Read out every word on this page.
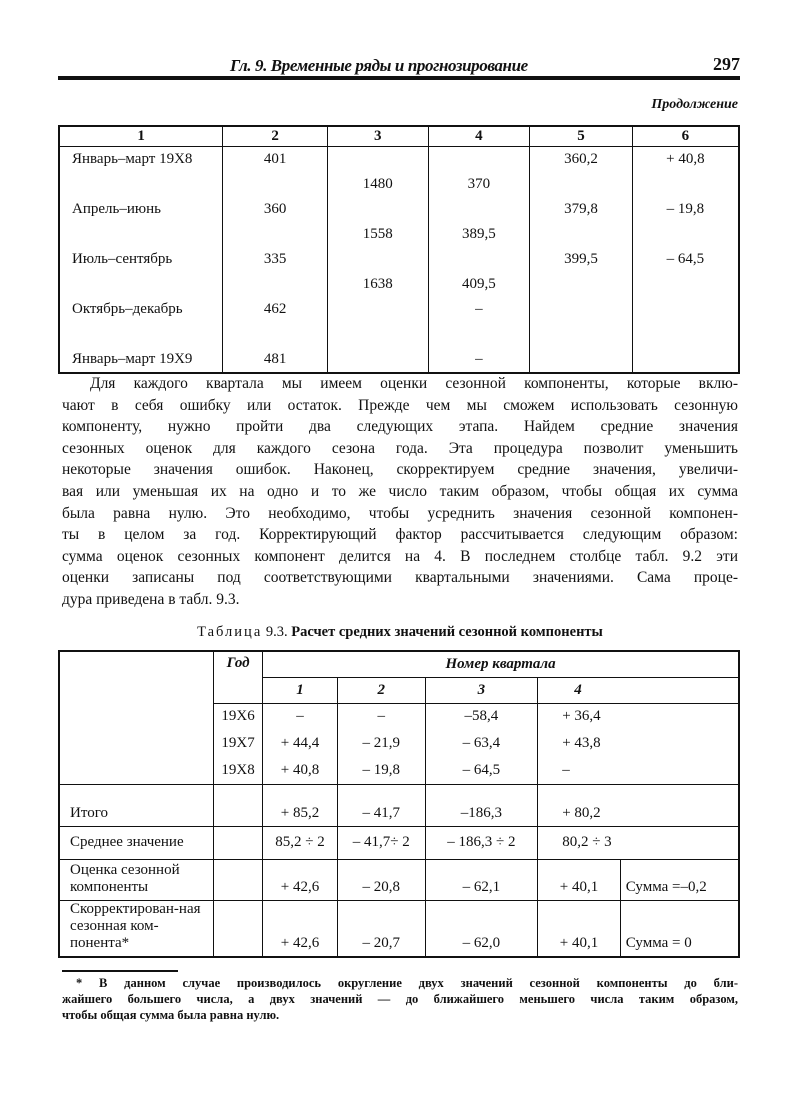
Гл. 9. Временные ряды и прогнозирование	297
Продолжение
1	2	3	4	5	6
Январь–март 19X8	401			360,2	+ 40,8
		1480	370		
Апрель–июнь	360			379,8	– 19,8
		1558	389,5		
Июль–сентябрь	335			399,5	– 64,5
		1638	409,5		
Октябрь–декабрь	462		–		

Январь–март 19X9	481		–		
Для каждого квартала мы имеем оценки сезонной компоненты, которые вклю-
чают в себя ошибку или остаток. Прежде чем мы сможем использовать сезонную
компоненту, нужно пройти два следующих этапа. Найдем средние значения
сезонных оценок для каждого сезона года. Эта процедура позволит уменьшить
некоторые значения ошибок. Наконец, скорректируем средние значения, увеличи-
вая или уменьшая их на одно и то же число таким образом, чтобы общая их сумма
была равна нулю. Это необходимо, чтобы усреднить значения сезонной компонен-
ты в целом за год. Корректирующий фактор рассчитывается следующим образом:
сумма оценок сезонных компонент делится на 4. В последнем столбце табл. 9.2 эти
оценки записаны под соответствующими квартальными значениями. Сама проце-
дура приведена в табл. 9.3.
Таблица 9.3. Расчет средних значений сезонной компоненты
	Год	Номер квартала				
		1	2	3	4	
	19X6	–	–	–58,4	+ 36,4	
	19X7	+ 44,4	– 21,9	– 63,4	+ 43,8	
	19X8	+ 40,8	– 19,8	– 64,5	–	
Итого		+ 85,2	– 41,7	–186,3	+ 80,2	
Среднее значение		85,2 ÷ 2	– 41,7÷ 2	– 186,3 ÷ 2	80,2 ÷ 3	
Оценка сезонной компоненты		+ 42,6	– 20,8	– 62,1	+ 40,1	Сумма =–0,2
Скорректирован-ная сезонная ком-понента*		+ 42,6	– 20,7	– 62,0	+ 40,1	Сумма = 0
* В данном случае производилось округление двух значений сезонной компоненты до бли-
жайшего большего числа, а двух значений — до ближайшего меньшего числа таким образом,
чтобы общая сумма была равна нулю.
